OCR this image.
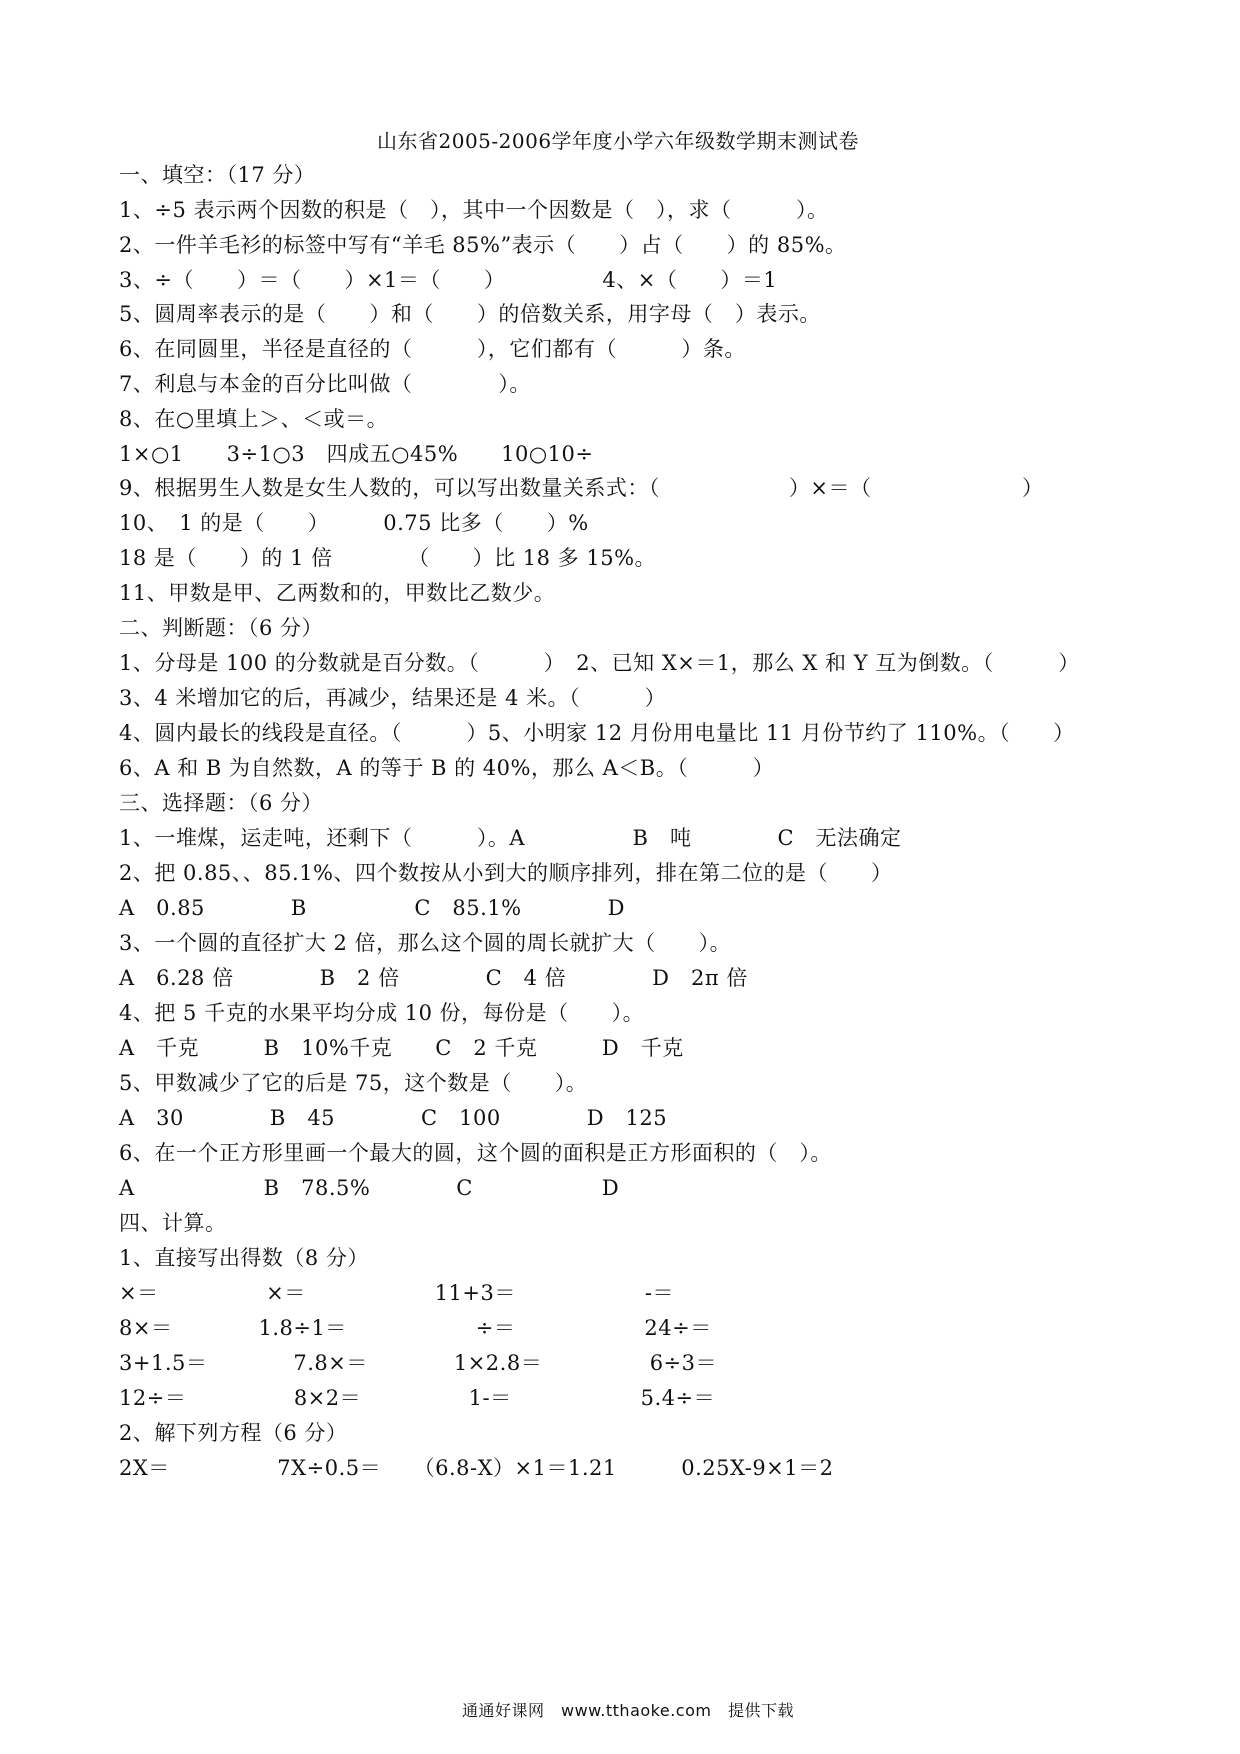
山东省2005-2006学年度小学六年级数学期末测试卷
一、填空：（17 分）
1、÷5 表示两个因数的积是（　），其中一个因数是（　），求（　　　）。
2、一件羊毛衫的标签中写有“羊毛 85%”表示（　　）占（　　）的 85%。
3、÷（　　）＝（　　）×1＝（　　）　　　　　4、×（　　）＝1
5、圆周率表示的是（　　）和（　　）的倍数关系，用字母（　）表示。
6、在同圆里，半径是直径的（　　　），它们都有（　　　）条。
7、利息与本金的百分比叫做（　　　　）。
8、在○里填上＞、＜或＝。
1×○1　　3÷1○3　四成五○45%　　10○10÷
9、根据男生人数是女生人数的，可以写出数量关系式：（　　　　　　）×＝（　　　　　　　）
10、　1 的是（　　）　　　0.75 比多（　　）%
18 是（　　）的 1 倍　　　　（　　）比 18 多 15%。
11、甲数是甲、乙两数和的，甲数比乙数少。
二、判断题：（6 分）
1、分母是 100 的分数就是百分数。（　　　）　2、已知 X×＝1，那么 X 和 Y 互为倒数。（　　　）
3、4 米增加它的后，再减少，结果还是 4 米。（　　　）
4、圆内最长的线段是直径。（　　　）5、小明家 12 月份用电量比 11 月份节约了 110%。（　　）
6、A 和 B 为自然数，A 的等于 B 的 40%，那么 A＜B。（　　　）
三、选择题：（6 分）
1、一堆煤，运走吨，还剩下（　　　）。A　　　　　B　吨　　　　C　无法确定
2、把 0.85、、85.1%、四个数按从小到大的顺序排列，排在第二位的是（　　）
A　0.85　　　　B　　　　　C　85.1%　　　　D
3、一个圆的直径扩大 2 倍，那么这个圆的周长就扩大（　　）。
A　6.28 倍　　　　B　2 倍　　　　C　4 倍　　　　D　2π 倍
4、把 5 千克的水果平均分成 10 份，每份是（　　）。
A　千克　　　B　10%千克　　C　2 千克　　　D　千克
5、甲数减少了它的后是 75，这个数是（　　）。
A　30　　　　B　45　　　　C　100　　　　D　125
6、在一个正方形里画一个最大的圆，这个圆的面积是正方形面积的（　）。
A　　　　　　B　78.5%　　　　C　　　　　　D
四、计算。
1、直接写出得数（8 分）
×＝　　　　　×＝　　　　　　11+3＝　　　　　　-＝
8×＝　　　　1.8÷1＝　　　　　　÷＝　　　　　　24÷＝
3+1.5＝　　　　7.8×＝　　　　1×2.8＝　　　　　6÷3＝
12÷＝　　　　　8×2＝　　　　　1-＝　　　　　　5.4÷＝
2、解下列方程（6 分）
2X＝　　　　　7X÷0.5＝　　（6.8-X）×1＝1.21　　　0.25X-9×1＝2
通通好课网　www.tthaoke.com　提供下载
